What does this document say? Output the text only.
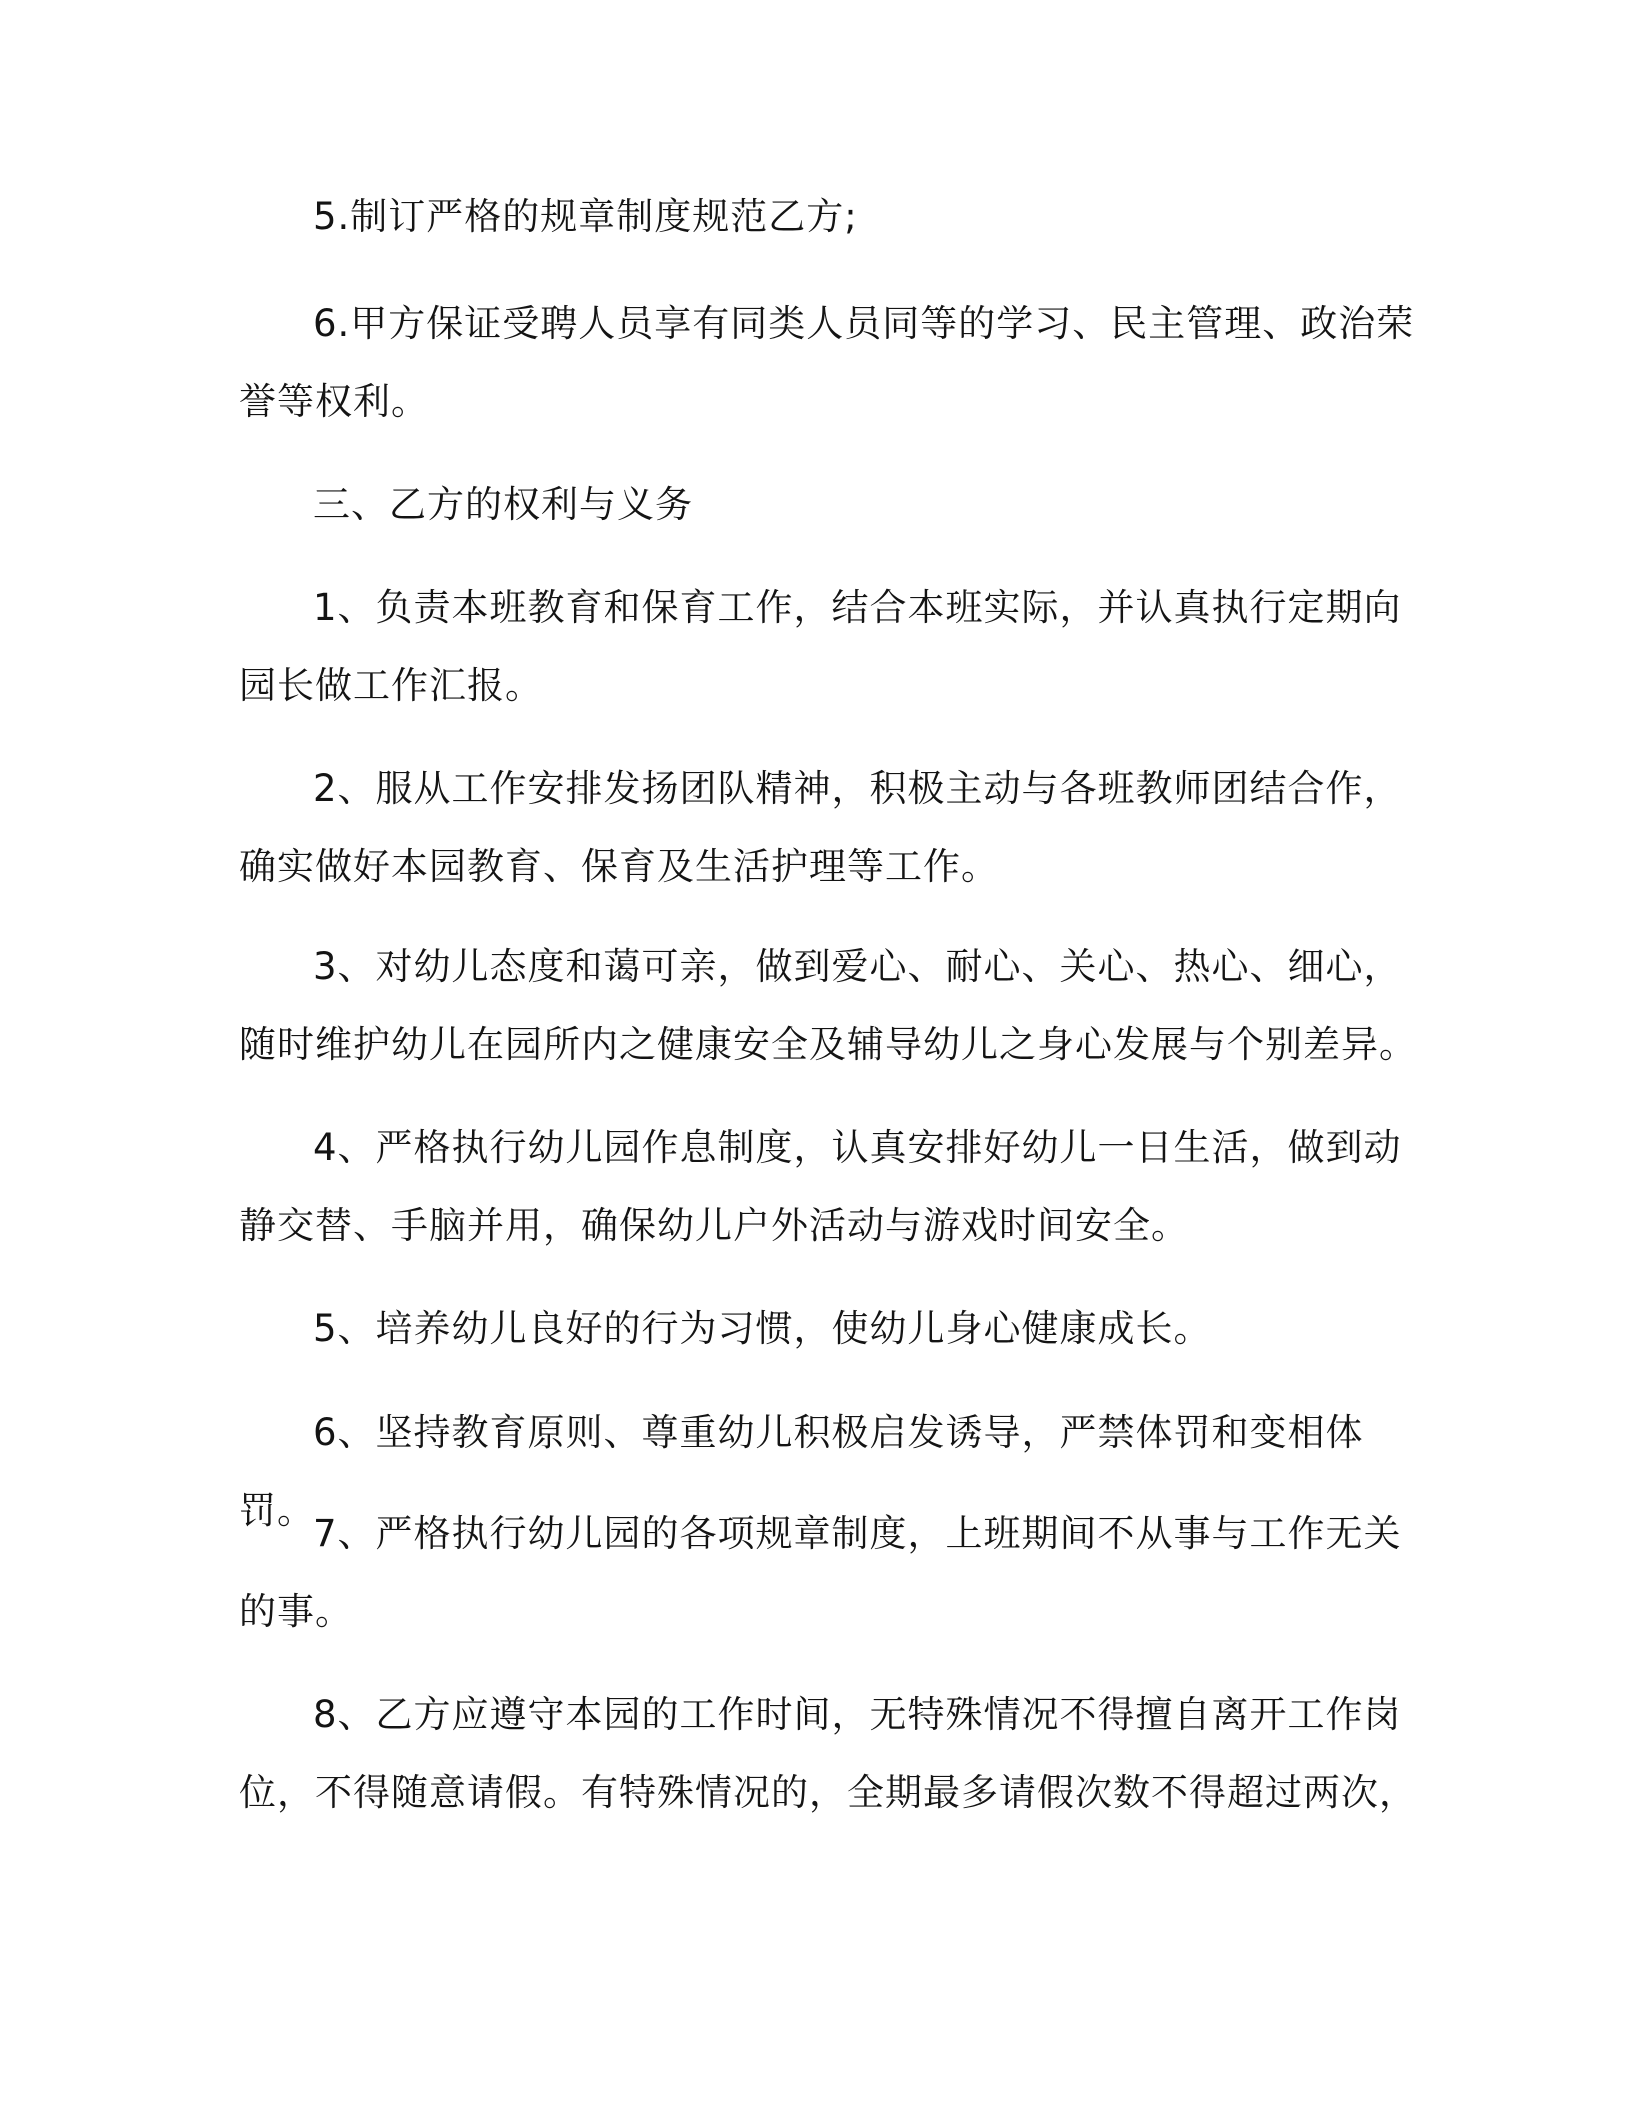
5.制订严格的规章制度规范乙方;

6.甲方保证受聘人员享有同类人员同等的学习、民主管理、政治荣誉等权利。

三、乙方的权利与义务

1、负责本班教育和保育工作，结合本班实际，并认真执行定期向园长做工作汇报。

2、服从工作安排发扬团队精神，积极主动与各班教师团结合作，确实做好本园教育、保育及生活护理等工作。

3、对幼儿态度和蔼可亲，做到爱心、耐心、关心、热心、细心，随时维护幼儿在园所内之健康安全及辅导幼儿之身心发展与个别差异。

4、严格执行幼儿园作息制度，认真安排好幼儿一日生活，做到动静交替、手脑并用，确保幼儿户外活动与游戏时间安全。

5、培养幼儿良好的行为习惯，使幼儿身心健康成长。

6、坚持教育原则、尊重幼儿积极启发诱导，严禁体罚和变相体罚。

7、严格执行幼儿园的各项规章制度，上班期间不从事与工作无关的事。

8、乙方应遵守本园的工作时间，无特殊情况不得擅自离开工作岗位，不得随意请假。有特殊情况的，全期最多请假次数不得超过两次，
